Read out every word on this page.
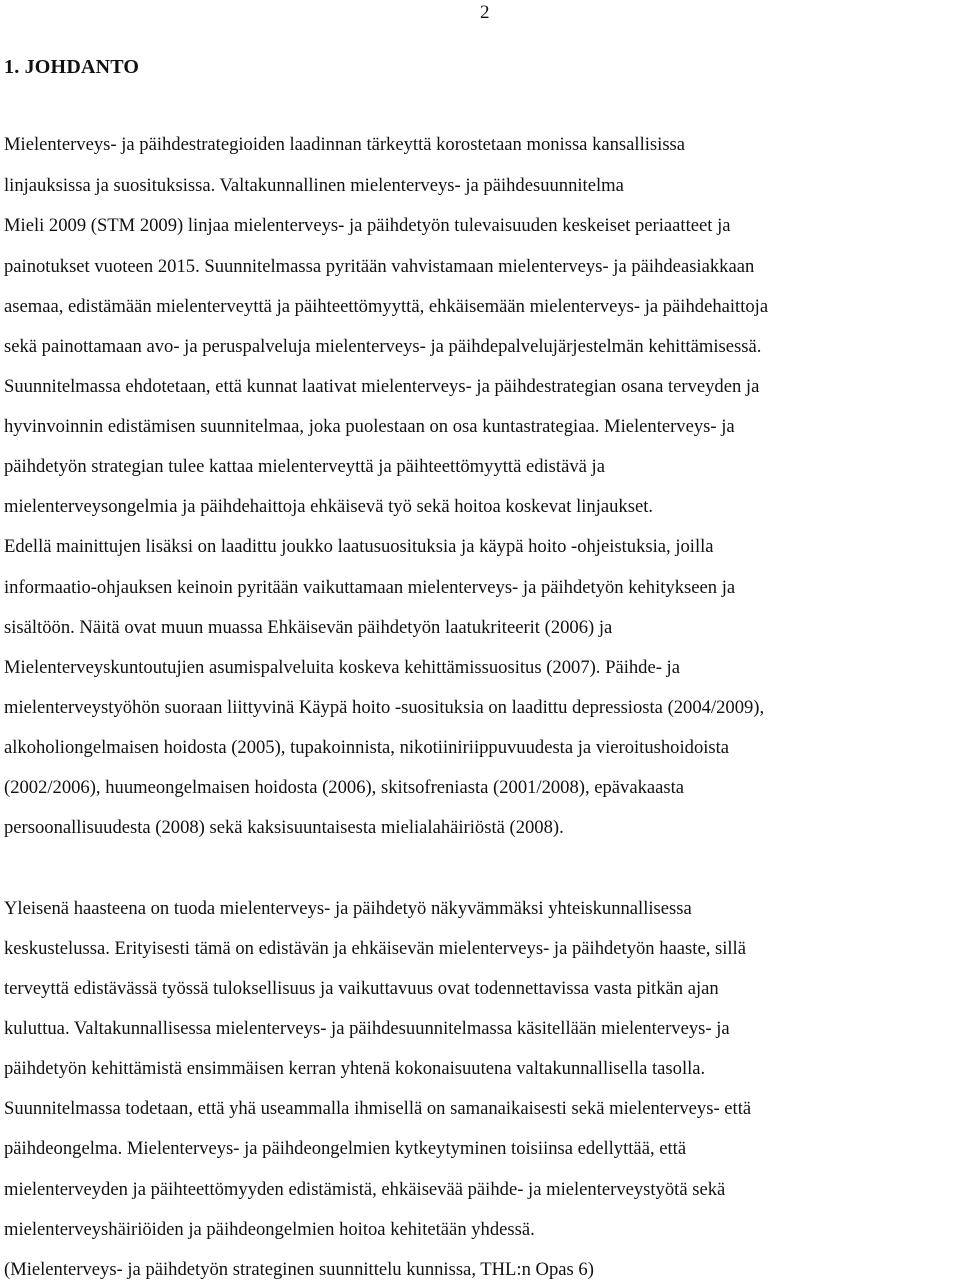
2
1. JOHDANTO

Mielenterveys- ja päihdestrategioiden laadinnan tärkeyttä korostetaan monissa kansallisissa

linjauksissa ja suosituksissa. Valtakunnallinen mielenterveys- ja päihdesuunnitelma

Mieli 2009 (STM 2009) linjaa mielenterveys- ja päihdetyön tulevaisuuden keskeiset periaatteet ja

painotukset vuoteen 2015. Suunnitelmassa pyritään vahvistamaan mielenterveys- ja päihdeasiakkaan

asemaa, edistämään mielenterveyttä ja päihteettömyyttä, ehkäisemään mielenterveys- ja päihdehaittoja

sekä painottamaan avo- ja peruspalveluja mielenterveys- ja päihdepalvelujärjestelmän kehittämisessä.

Suunnitelmassa ehdotetaan, että kunnat laativat mielenterveys- ja päihdestrategian osana terveyden ja

hyvinvoinnin edistämisen suunnitelmaa, joka puolestaan on osa kuntastrategiaa. Mielenterveys- ja

päihdetyön strategian tulee kattaa mielenterveyttä ja päihteettömyyttä edistävä ja

mielenterveysongelmia ja päihdehaittoja ehkäisevä työ sekä hoitoa koskevat linjaukset.

Edellä mainittujen lisäksi on laadittu joukko laatusuosituksia ja käypä hoito -ohjeistuksia, joilla

informaatio-ohjauksen keinoin pyritään vaikuttamaan mielenterveys- ja päihdetyön kehitykseen ja

sisältöön. Näitä ovat muun muassa Ehkäisevän päihdetyön laatukriteerit (2006) ja

Mielenterveyskuntoutujien asumispalveluita koskeva kehittämissuositus (2007). Päihde- ja

mielenterveystyöhön suoraan liittyvinä Käypä hoito -suosituksia on laadittu depressiosta (2004/2009),

alkoholiongelmaisen hoidosta (2005), tupakoinnista, nikotiiniriippuvuudesta ja vieroitushoidoista

(2002/2006), huumeongelmaisen hoidosta (2006), skitsofreniasta (2001/2008), epävakaasta

persoonallisuudesta (2008) sekä kaksisuuntaisesta mielialahäiriöstä (2008).

Yleisenä haasteena on tuoda mielenterveys- ja päihdetyö näkyvämmäksi yhteiskunnallisessa

keskustelussa. Erityisesti tämä on edistävän ja ehkäisevän mielenterveys- ja päihdetyön haaste, sillä

terveyttä edistävässä työssä tuloksellisuus ja vaikuttavuus ovat todennettavissa vasta pitkän ajan

kuluttua. Valtakunnallisessa mielenterveys- ja päihdesuunnitelmassa käsitellään mielenterveys- ja

päihdetyön kehittämistä ensimmäisen kerran yhtenä kokonaisuutena valtakunnallisella tasolla.

Suunnitelmassa todetaan, että yhä useammalla ihmisellä on samanaikaisesti sekä mielenterveys- että

päihdeongelma. Mielenterveys- ja päihdeongelmien kytkeytyminen toisiinsa edellyttää, että

mielenterveyden ja päihteettömyyden edistämistä, ehkäisevää päihde- ja mielenterveystyötä sekä

mielenterveyshäiriöiden ja päihdeongelmien hoitoa kehitetään yhdessä.

(Mielenterveys- ja päihdetyön strateginen suunnittelu kunnissa, THL:n Opas 6)
